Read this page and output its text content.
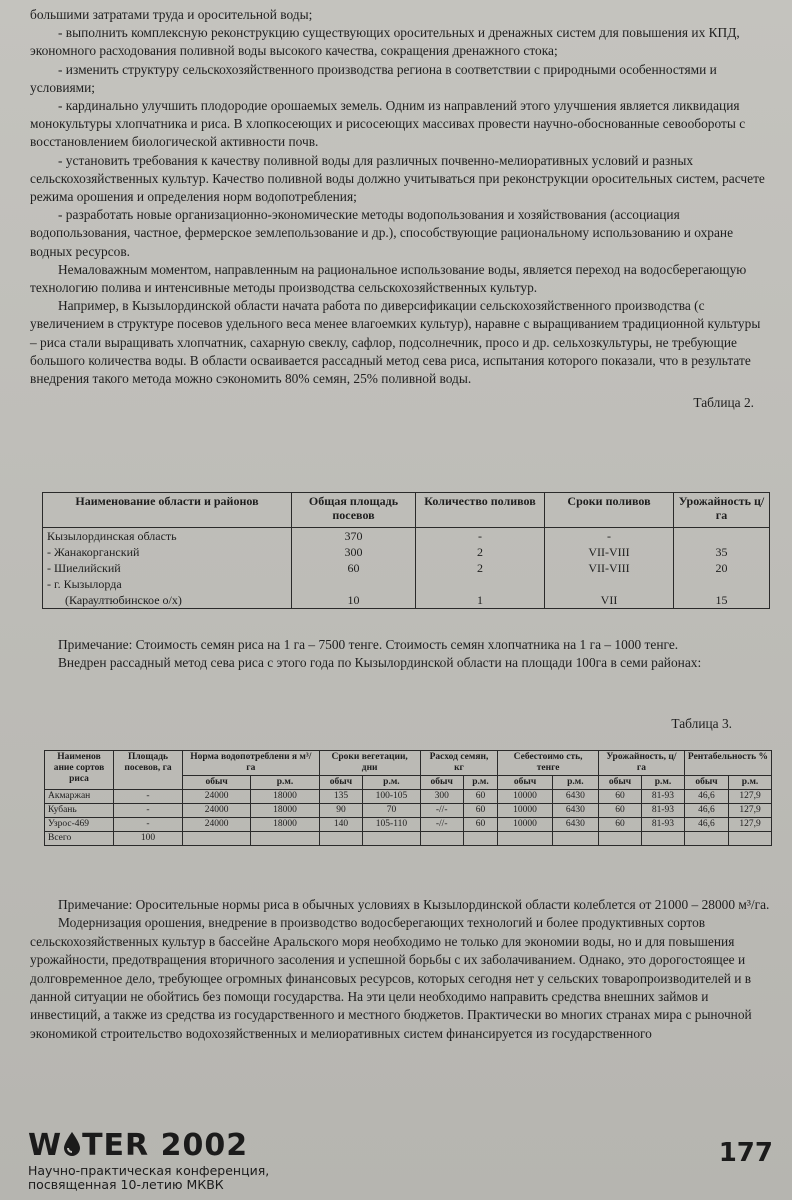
большими затратами труда и оросительной воды;

- выполнить комплексную реконструкцию существующих оросительных и дренажных систем для повышения их КПД, экономного расходования поливной воды высокого качества, сокращения дренажного стока;

- изменить структуру сельскохозяйственного производства региона в соответствии с природными особенностями и условиями;

- кардинально улучшить плодородие орошаемых земель. Одним из направлений этого улучшения является ликвидация монокультуры хлопчатника и риса. В хлопкосеющих и рисосеющих массивах провести научно-обоснованные севообороты с восстановлением биологической активности почв.

- установить требования к качеству поливной воды для различных почвенно-мелиоративных условий и разных сельскохозяйственных культур. Качество поливной воды должно учитываться при реконструкции оросительных систем, расчете режима орошения и определения норм водопотребления;

- разработать новые организационно-экономические методы водопользования и хозяйствования (ассоциация водопользования, частное, фермерское землепользование и др.), способствующие рациональному использованию и охране водных ресурсов.

Немаловажным моментом, направленным на рациональное использование воды, является переход на водосберегающую технологию полива и интенсивные методы производства сельскохозяйственных культур.

Например, в Кызылординской области начата работа по диверсификации сельскохозяйственного производства (с увеличением в структуре посевов удельного веса менее влагоемких культур), наравне с выращиванием традиционной культуры – риса стали выращивать хлопчатник, сахарную свеклу, сафлор, подсолнечник, просо и др. сельхозкультуры, не требующие большого количества воды. В области осваивается рассадный метод сева риса, испытания которого показали, что в результате внедрения такого метода можно сэкономить 80% семян, 25% поливной воды.

Таблица 2.

Наименование области и районов	Общая площадь посевов	Количество поливов	Сроки поливов	Урожайность ц/га
Кызылординская область	370	-	-	
- Жанакорганский	300	2	VII-VIII	35
- Шиелийский	60	2	VII-VIII	20
- г. Кызылорда				
(Караултюбинское о/х)	10	1	VII	15

Примечание: Стоимость семян риса на 1 га – 7500 тенге. Стоимость семян хлопчатника на 1 га – 1000 тенге.

Внедрен рассадный метод сева риса с этого года по Кызылординской области на площади 100га в семи районах:

Таблица 3.
Наименов ание сортов риса	Площадь посевов, га	Норма водопотреблени я м³/га		Сроки вегетации, дни		Расход семян, кг		Себестоимо сть, тенге		Урожайность, ц/га		Рентабельность %	
		обыч	р.м.	обыч	р.м.	обыч	р.м.	обыч	р.м.	обыч	р.м.	обыч	р.м.
Акмаржан	-	24000	18000	135	100-105	300	60	10000	6430	60	81-93	46,6	127,9
Кубань	-	24000	18000	90	70	-//-	60	10000	6430	60	81-93	46,6	127,9
Узрос-469	-	24000	18000	140	105-110	-//-	60	10000	6430	60	81-93	46,6	127,9
Всего	100												

Примечание: Оросительные нормы риса в обычных условиях в Кызылординской области колеблется от 21000 – 28000 м³/га.

Модернизация орошения, внедрение в производство водосберегающих технологий и более продуктивных сортов сельскохозяйственных культур в бассейне Аральского моря необходимо не только для экономии воды, но и для повышения урожайности, предотвращения вторичного засоления и успешной борьбы с их заболачиванием. Однако, это дорогостоящее и долговременное дело, требующее огромных финансовых ресурсов, которых сегодня нет у сельских товаропроизводителей и в данной ситуации не обойтись без помощи государства. На эти цели необходимо направить средства внешних займов и инвестиций, а также из средства из государственного и местного бюджетов. Практически во многих странах мира с рыночной экономикой строительство водохозяйственных и мелиоративных систем финансируется из государственного

W TER 2002
Научно-практическая конференция,
посвященная 10-летию МКВК
177
